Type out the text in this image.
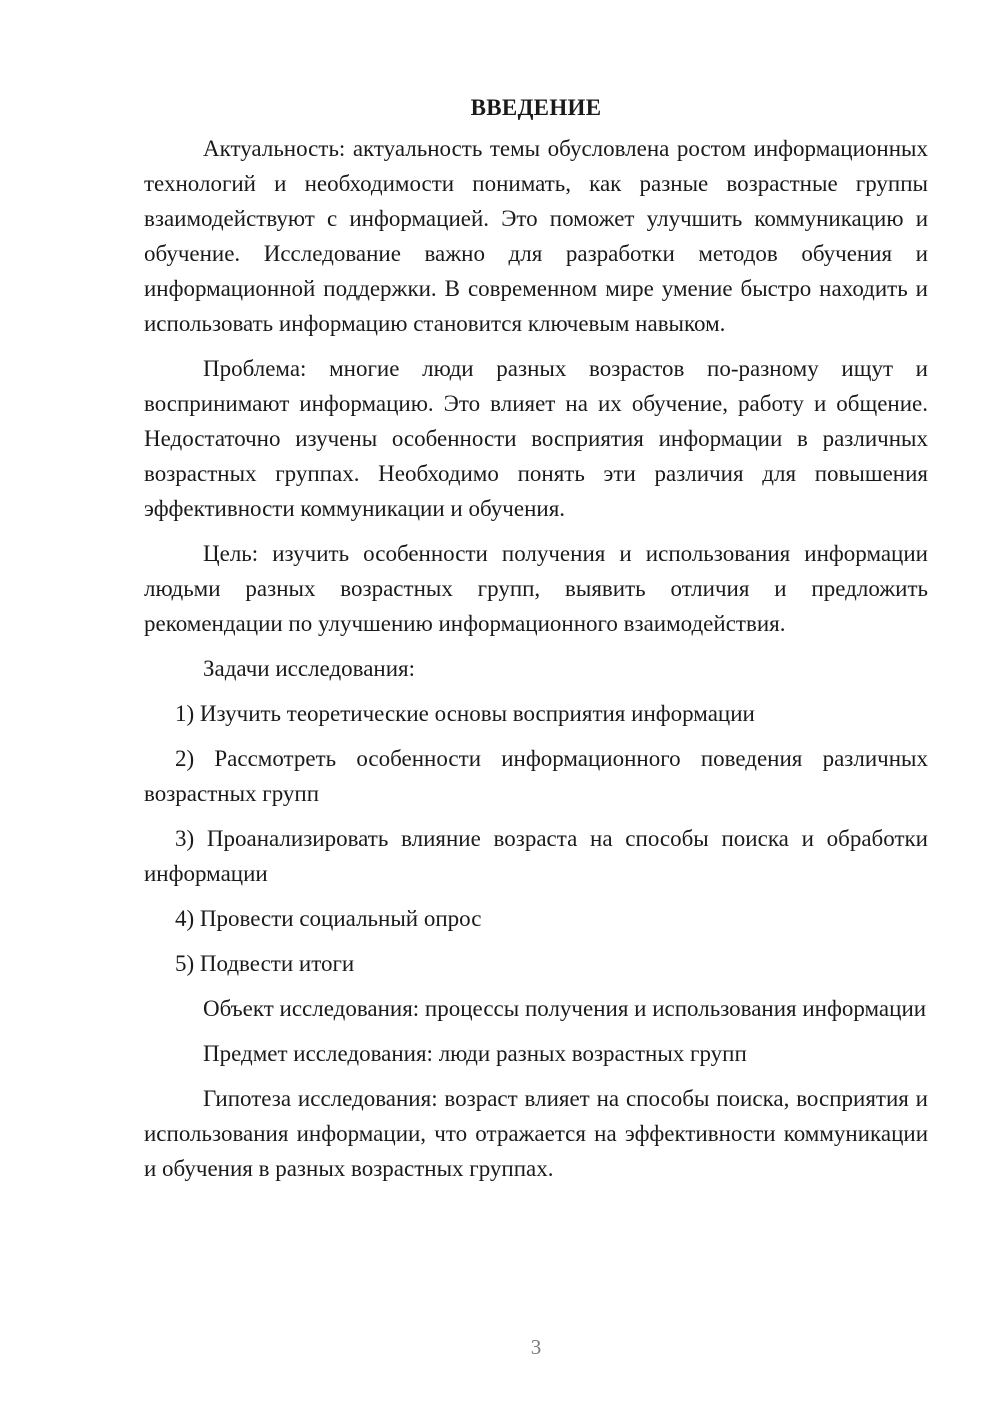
ВВЕДЕНИЕ

Актуальность: актуальность темы обусловлена ростом информационных технологий и необходимости понимать, как разные возрастные группы взаимодействуют с информацией. Это поможет улучшить коммуникацию и обучение. Исследование важно для разработки методов обучения и информационной поддержки. В современном мире умение быстро находить и использовать информацию становится ключевым навыком.

Проблема: многие люди разных возрастов по-разному ищут и воспринимают информацию. Это влияет на их обучение, работу и общение. Недостаточно изучены особенности восприятия информации в различных возрастных группах. Необходимо понять эти различия для повышения эффективности коммуникации и обучения.

Цель: изучить особенности получения и использования информации людьми разных возрастных групп, выявить отличия и предложить рекомендации по улучшению информационного взаимодействия.

Задачи исследования:

1) Изучить теоретические основы восприятия информации

2) Рассмотреть особенности информационного поведения различных возрастных групп

3) Проанализировать влияние возраста на способы поиска и обработки информации

4) Провести социальный опрос

5) Подвести итоги

Объект исследования: процессы получения и использования информации

Предмет исследования: люди разных возрастных групп

Гипотеза исследования: возраст влияет на способы поиска, восприятия и использования информации, что отражается на эффективности коммуникации и обучения в разных возрастных группах.

3
